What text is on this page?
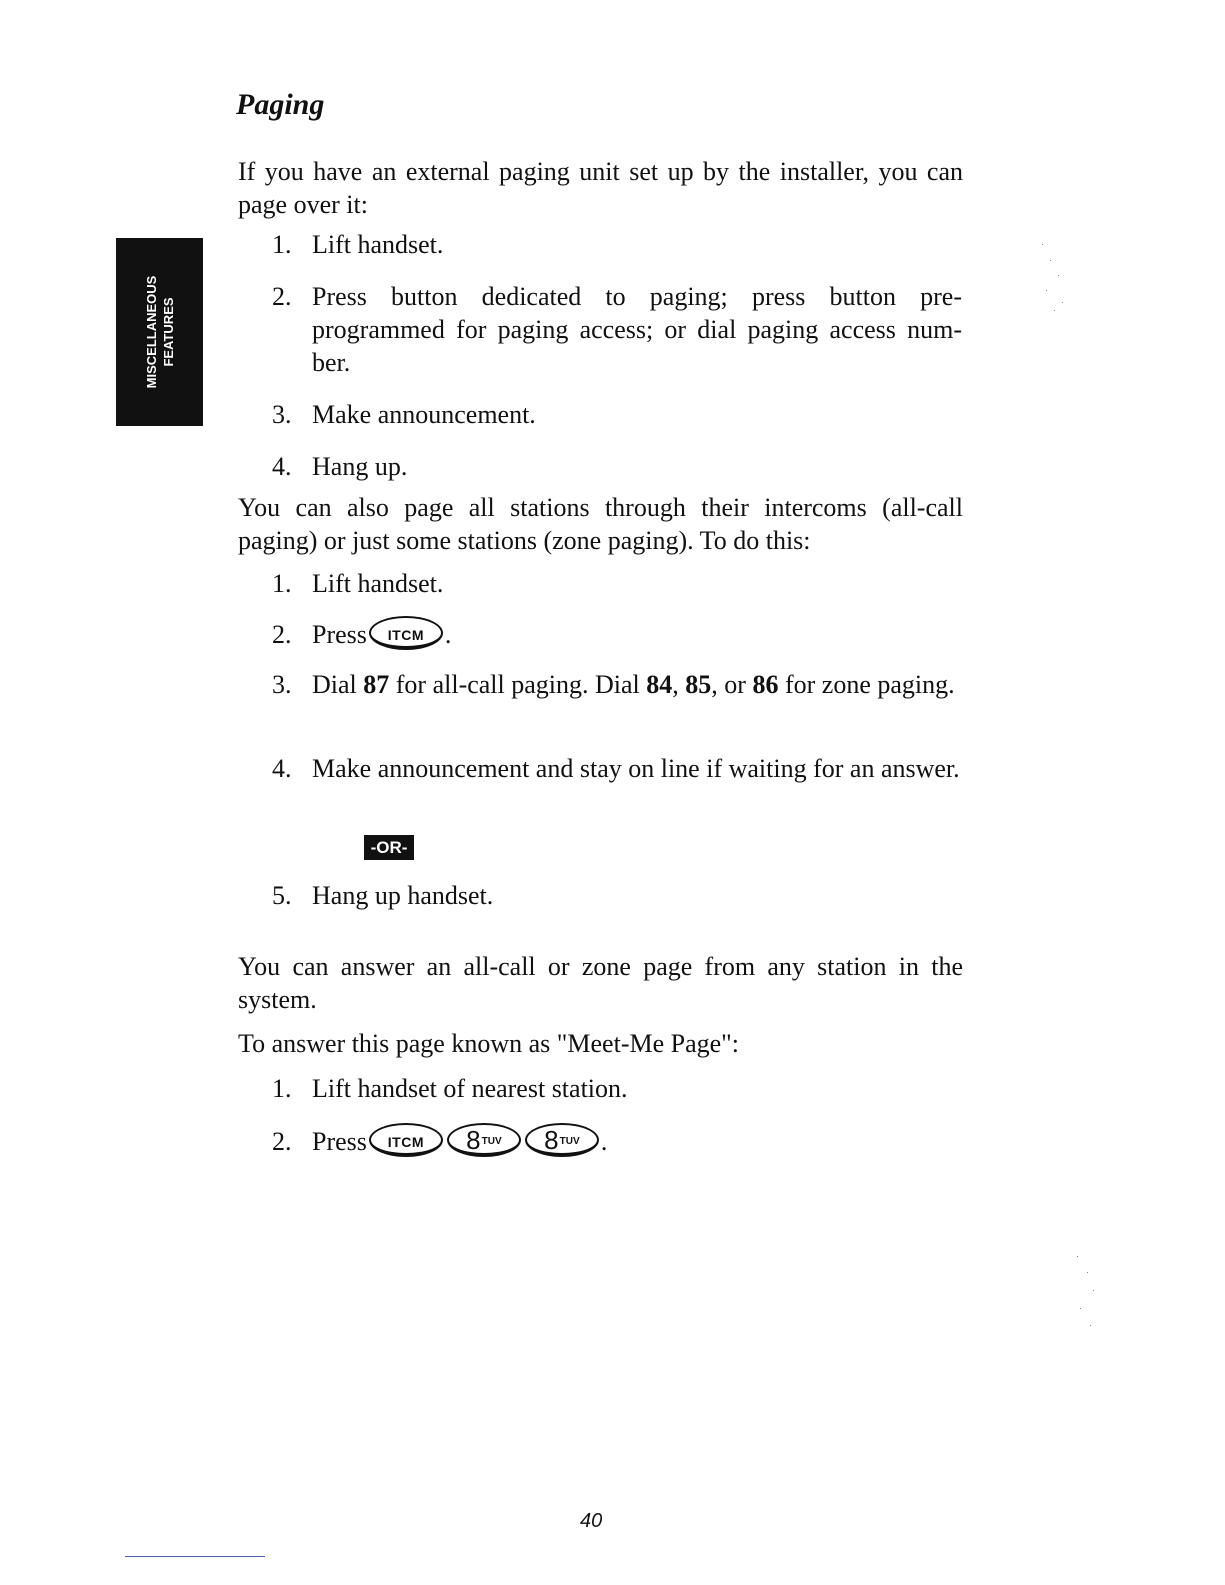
MISCELLANEOUS FEATURES
Paging
If you have an external paging unit set up by the installer, you can page over it:
1. Lift handset.
2. Press button dedicated to paging; press button pre-programmed for paging access; or dial paging access num-ber.
3. Make announcement.
4. Hang up.
You can also page all stations through their intercoms (all-call paging) or just some stations (zone paging). To do this:
1. Lift handset.
2. Press ITCM .
3. Dial 87 for all-call paging. Dial 84, 85, or 86 for zone paging.
4. Make announcement and stay on line if waiting for an answer.
-OR-
5. Hang up handset.
You can answer an all-call or zone page from any station in the system.
To answer this page known as "Meet-Me Page":
1. Lift handset of nearest station.
2. Press ITCM 8TUV 8TUV .
40
